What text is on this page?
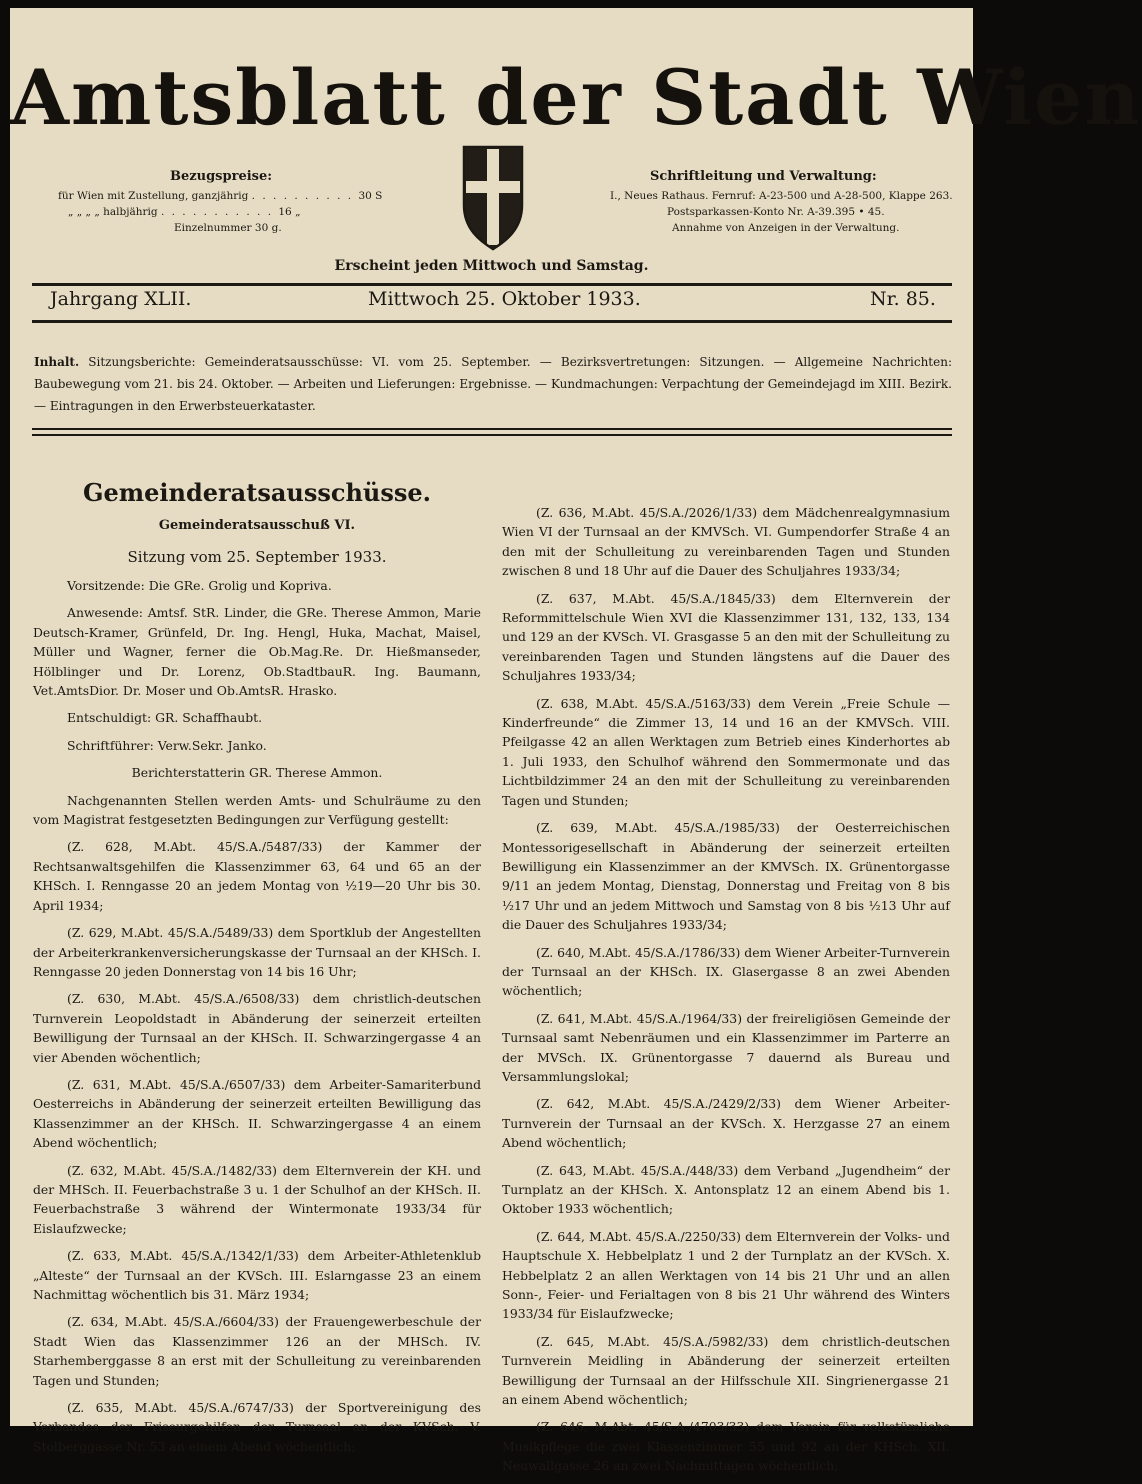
Amtsblatt der Stadt Wien
Bezugspreise:
für Wien mit Zustellung, ganzjährig . . . . . . . . . . 30 S
„ „ „ „ halbjährig . . . . . . . . . . . 16 „
Einzelnummer 30 g.
Schriftleitung und Verwaltung:
I., Neues Rathaus. Fernruf: A-23-500 und A-28-500, Klappe 263.
Postsparkassen-Konto Nr. A-39.395 • 45.
Annahme von Anzeigen in der Verwaltung.
Erscheint jeden Mittwoch und Samstag.
Jahrgang XLII.	Mittwoch 25. Oktober 1933.	Nr. 85.
Inhalt. Sitzungsberichte: Gemeinderatsausschüsse: VI. vom 25. September. — Bezirksvertretungen: Sitzungen. — Allgemeine Nachrichten: Baubewegung vom 21. bis 24. Oktober. — Arbeiten und Lieferungen: Ergebnisse. — Kundmachungen: Verpachtung der Gemeindejagd im XIII. Bezirk. — Eintragungen in den Erwerbsteuerkataster.
Gemeinderatsausschüsse.
Gemeinderatsausschuß VI.
Sitzung vom 25. September 1933.

Vorsitzende: Die GRe. Grolig und Kopriva.

Anwesende: Amtsf. StR. Linder, die GRe. Therese Ammon, Marie Deutsch-Kramer, Grünfeld, Dr. Ing. Hengl, Huka, Machat, Maisel, Müller und Wagner, ferner die Ob.Mag.Re. Dr. Hießmanseder, Hölblinger und Dr. Lorenz, Ob.StadtbauR. Ing. Baumann, Vet.AmtsDior. Dr. Moser und Ob.AmtsR. Hrasko.

Entschuldigt: GR. Schaffhaubt.

Schriftführer: Verw.Sekr. Janko.

Berichterstatterin GR. Therese Ammon.

Nachgenannten Stellen werden Amts- und Schulräume zu den vom Magistrat festgesetzten Bedingungen zur Verfügung gestellt:

(Z. 628, M.Abt. 45/S.A./5487/33) der Kammer der Rechtsanwaltsgehilfen die Klassenzimmer 63, 64 und 65 an der KHSch. I. Renngasse 20 an jedem Montag von ½19—20 Uhr bis 30. April 1934;

(Z. 629, M.Abt. 45/S.A./5489/33) dem Sportklub der Angestellten der Arbeiterkrankenversicherungskasse der Turnsaal an der KHSch. I. Renngasse 20 jeden Donnerstag von 14 bis 16 Uhr;

(Z. 630, M.Abt. 45/S.A./6508/33) dem christlich-deutschen Turnverein Leopoldstadt in Abänderung der seinerzeit erteilten Bewilligung der Turnsaal an der KHSch. II. Schwarzingergasse 4 an vier Abenden wöchentlich;

(Z. 631, M.Abt. 45/S.A./6507/33) dem Arbeiter-Samariterbund Oesterreichs in Abänderung der seinerzeit erteilten Bewilligung das Klassenzimmer an der KHSch. II. Schwarzingergasse 4 an einem Abend wöchentlich;

(Z. 632, M.Abt. 45/S.A./1482/33) dem Elternverein der KH. und der MHSch. II. Feuerbachstraße 3 u. 1 der Schulhof an der KHSch. II. Feuerbachstraße 3 während der Wintermonate 1933/34 für Eislaufzwecke;

(Z. 633, M.Abt. 45/S.A./1342/1/33) dem Arbeiter-Athletenklub „Alteste“ der Turnsaal an der KVSch. III. Eslarngasse 23 an einem Nachmittag wöchentlich bis 31. März 1934;

(Z. 634, M.Abt. 45/S.A./6604/33) der Frauengewerbeschule der Stadt Wien das Klassenzimmer 126 an der MHSch. IV. Starhemberggasse 8 an erst mit der Schulleitung zu vereinbarenden Tagen und Stunden;

(Z. 635, M.Abt. 45/S.A./6747/33) der Sportvereinigung des Verbandes der Friseurgehilfen der Turnsaal an der KVSch. V. Stolberggasse Nr. 53 an einem Abend wöchentlich;

(Z. 636, M.Abt. 45/S.A./2026/1/33) dem Mädchenrealgymnasium Wien VI der Turnsaal an der KMVSch. VI. Gumpendorfer Straße 4 an den mit der Schulleitung zu vereinbarenden Tagen und Stunden zwischen 8 und 18 Uhr auf die Dauer des Schuljahres 1933/34;

(Z. 637, M.Abt. 45/S.A./1845/33) dem Elternverein der Reformmittelschule Wien XVI die Klassenzimmer 131, 132, 133, 134 und 129 an der KVSch. VI. Grasgasse 5 an den mit der Schulleitung zu vereinbarenden Tagen und Stunden längstens auf die Dauer des Schuljahres 1933/34;

(Z. 638, M.Abt. 45/S.A./5163/33) dem Verein „Freie Schule — Kinderfreunde“ die Zimmer 13, 14 und 16 an der KMVSch. VIII. Pfeilgasse 42 an allen Werktagen zum Betrieb eines Kinderhortes ab 1. Juli 1933, den Schulhof während den Sommermonate und das Lichtbildzimmer 24 an den mit der Schulleitung zu vereinbarenden Tagen und Stunden;

(Z. 639, M.Abt. 45/S.A./1985/33) der Oesterreichischen Montessorigesellschaft in Abänderung der seinerzeit erteilten Bewilligung ein Klassenzimmer an der KMVSch. IX. Grünentorgasse 9/11 an jedem Montag, Dienstag, Donnerstag und Freitag von 8 bis ½17 Uhr und an jedem Mittwoch und Samstag von 8 bis ½13 Uhr auf die Dauer des Schuljahres 1933/34;

(Z. 640, M.Abt. 45/S.A./1786/33) dem Wiener Arbeiter-Turnverein der Turnsaal an der KHSch. IX. Glasergasse 8 an zwei Abenden wöchentlich;

(Z. 641, M.Abt. 45/S.A./1964/33) der freireligiösen Gemeinde der Turnsaal samt Nebenräumen und ein Klassenzimmer im Parterre an der MVSch. IX. Grünentorgasse 7 dauernd als Bureau und Versammlungslokal;

(Z. 642, M.Abt. 45/S.A./2429/2/33) dem Wiener Arbeiter-Turnverein der Turnsaal an der KVSch. X. Herzgasse 27 an einem Abend wöchentlich;

(Z. 643, M.Abt. 45/S.A./448/33) dem Verband „Jugendheim“ der Turnplatz an der KHSch. X. Antonsplatz 12 an einem Abend bis 1. Oktober 1933 wöchentlich;

(Z. 644, M.Abt. 45/S.A./2250/33) dem Elternverein der Volks- und Hauptschule X. Hebbelplatz 1 und 2 der Turnplatz an der KVSch. X. Hebbelplatz 2 an allen Werktagen von 14 bis 21 Uhr und an allen Sonn-, Feier- und Ferialtagen von 8 bis 21 Uhr während des Winters 1933/34 für Eislaufzwecke;

(Z. 645, M.Abt. 45/S.A./5982/33) dem christlich-deutschen Turnverein Meidling in Abänderung der seinerzeit erteilten Bewilligung der Turnsaal an der Hilfsschule XII. Singrienergasse 21 an einem Abend wöchentlich;

(Z. 646, M.Abt. 45/S.A./4703/33) dem Verein für volkstümliche Musikpflege die zwei Klassenzimmer 55 und 92 an der KHSch. XII. Neuwallgasse 26 an zwei Nachmittagen wöchentlich;
